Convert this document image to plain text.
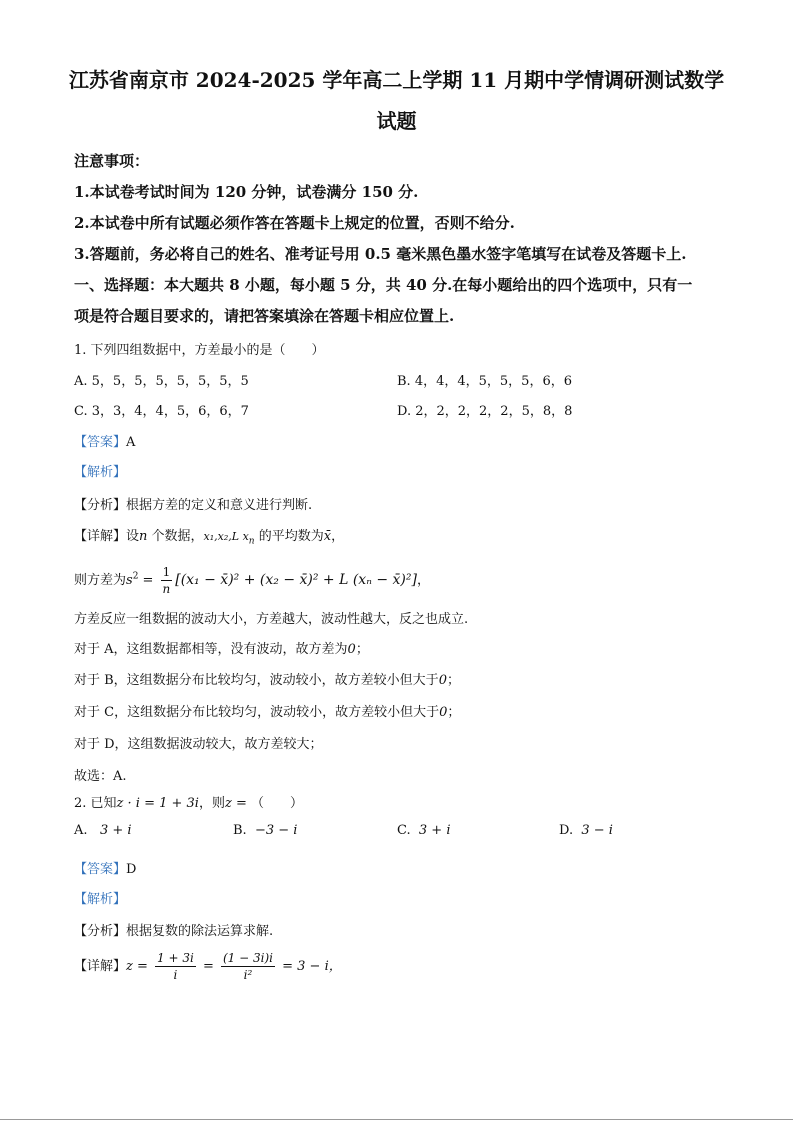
江苏省南京市 2024-2025 学年高二上学期 11 月期中学情调研测试数学
试题
注意事项：
1.本试卷考试时间为 120 分钟，试卷满分 150 分.
2.本试卷中所有试题必须作答在答题卡上规定的位置，否则不给分.
3.答题前，务必将自己的姓名、准考证号用 0.5 毫米黑色墨水签字笔填写在试卷及答题卡上.
一、选择题：本大题共 8 小题，每小题 5 分，共 40 分.在每小题给出的四个选项中，只有一
项是符合题目要求的，请把答案填涂在答题卡相应位置上.
1. 下列四组数据中，方差最小的是（　　）
A. 5，5，5，5，5，5，5，5	B. 4，4，4，5，5，5，6，6
C. 3，3，4，4，5，6，6，7	D. 2，2，2，2，2，5，8，8
【答案】A
【解析】
【分析】根据方差的定义和意义进行判断.
【详解】设n 个数据，x₁,x₂,L $x_n$ 的平均数为x̄，
则方差为$s^2 = \frac{1}{n} [(x_1$ − x̄)² + (x₂ − x̄)² + L (xₙ − x̄)²]，
方差反应一组数据的波动大小，方差越大，波动性越大，反之也成立.
对于 A，这组数据都相等，没有波动，故方差为0；
对于 B，这组数据分布比较均匀，波动较小，故方差较小但大于0；
对于 C，这组数据分布比较均匀，波动较小，故方差较小但大于0；
对于 D，这组数据波动较大，故方差较大；
故选：A.
2. 已知z · i = 1 + 3i，则z = （　　）
A. 3 + i	B. −3 − i	C. 3 + i	D. 3 − i
【答案】D
【解析】
【分析】根据复数的除法运算求解.
【详解】$z = \frac{1 + 3i}{i} = \frac{(1 - 3i)i}{\text{i²}} = 3 - i$，
